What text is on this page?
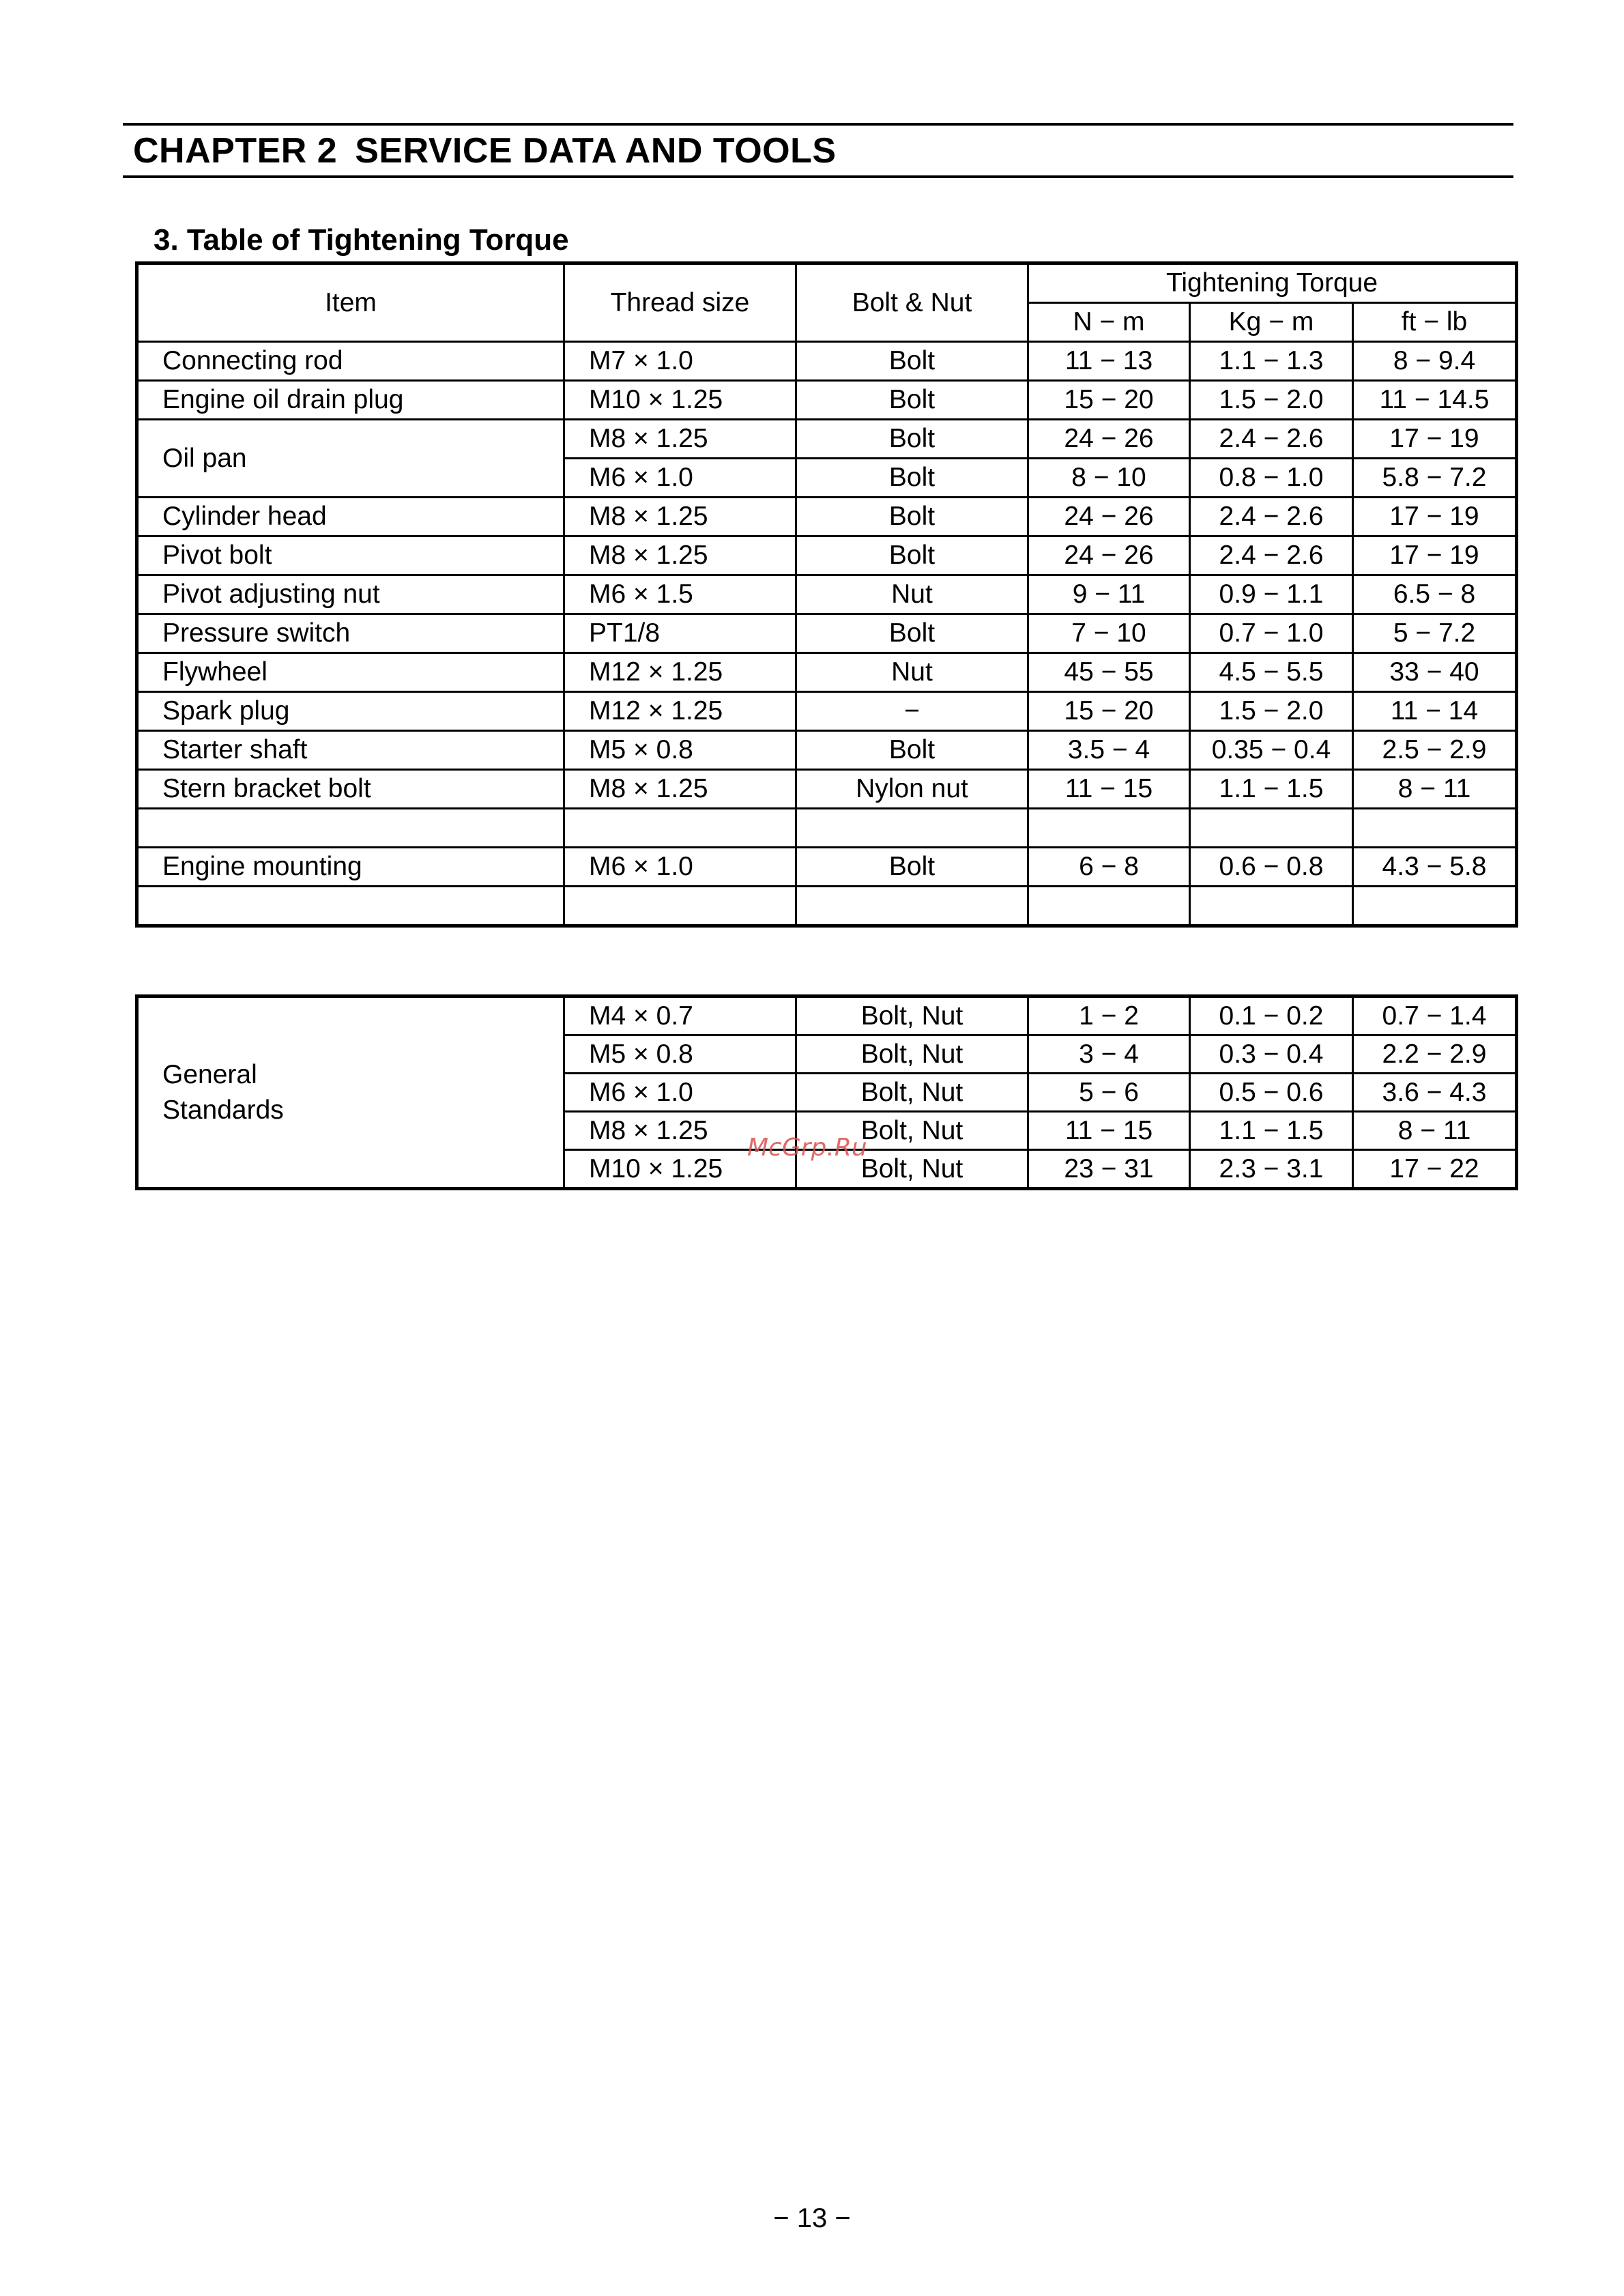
CHAPTER 2 SERVICE DATA AND TOOLS
3. Table of Tightening Torque
Item	Thread size	Bolt & Nut	Tightening Torque		
			N − m	Kg − m	ft − lb
Connecting rod	M7 × 1.0	Bolt	11 − 13	1.1 − 1.3	8 − 9.4
Engine oil drain plug	M10 × 1.25	Bolt	15 − 20	1.5 − 2.0	11 − 14.5
Oil pan	M8 × 1.25	Bolt	24 − 26	2.4 − 2.6	17 − 19
	M6 × 1.0	Bolt	8 − 10	0.8 − 1.0	5.8 − 7.2
Cylinder head	M8 × 1.25	Bolt	24 − 26	2.4 − 2.6	17 − 19
Pivot bolt	M8 × 1.25	Bolt	24 − 26	2.4 − 2.6	17 − 19
Pivot adjusting nut	M6 × 1.5	Nut	9 − 11	0.9 − 1.1	6.5 − 8
Pressure switch	PT1/8	Bolt	7 − 10	0.7 − 1.0	5 − 7.2
Flywheel	M12 × 1.25	Nut	45 − 55	4.5 − 5.5	33 − 40
Spark plug	M12 × 1.25	−	15 − 20	1.5 − 2.0	11 − 14
Starter shaft	M5 × 0.8	Bolt	3.5 − 4	0.35 − 0.4	2.5 − 2.9
Stern bracket bolt	M8 × 1.25	Nylon nut	11 − 15	1.1 − 1.5	8 − 11

Engine mounting	M6 × 1.0	Bolt	6 − 8	0.6 − 0.8	4.3 − 5.8

General
Standards	M4 × 0.7	Bolt, Nut	1 − 2	0.1 − 0.2	0.7 − 1.4
	M5 × 0.8	Bolt, Nut	3 − 4	0.3 − 0.4	2.2 − 2.9
	M6 × 1.0	Bolt, Nut	5 − 6	0.5 − 0.6	3.6 − 4.3
	M8 × 1.25	Bolt, Nut	11 − 15	1.1 − 1.5	8 − 11
	M10 × 1.25	Bolt, Nut	23 − 31	2.3 − 3.1	17 − 22
McGrp.Ru

− 13 −
